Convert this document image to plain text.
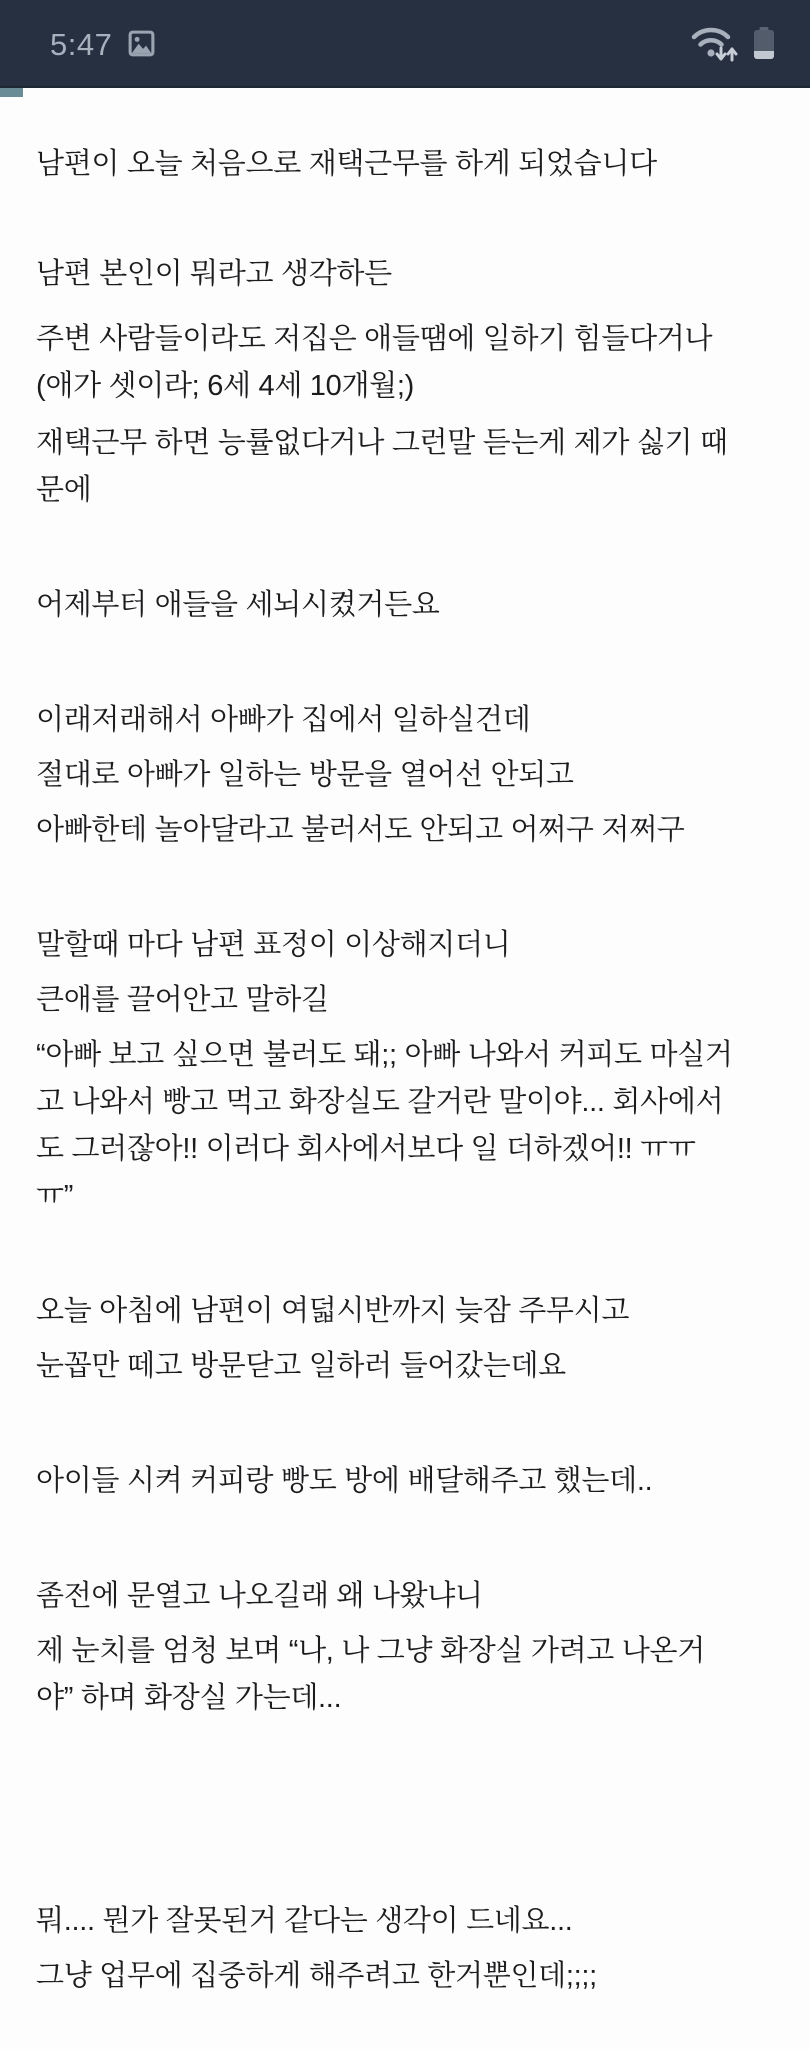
5:47

남편이 오늘 처음으로 재택근무를 하게 되었습니다

남편 본인이 뭐라고 생각하든

주변 사람들이라도 저집은 애들땜에 일하기 힘들다거나

(애가 셋이라; 6세 4세 10개월;)

재택근무 하면 능률없다거나 그런말 듣는게 제가 싫기 때

문에

어제부터 애들을 세뇌시켰거든요

이래저래해서 아빠가 집에서 일하실건데

절대로 아빠가 일하는 방문을 열어선 안되고

아빠한테 놀아달라고 불러서도 안되고 어쩌구 저쩌구

말할때 마다 남편 표정이 이상해지더니

큰애를 끌어안고 말하길

“아빠 보고 싶으면 불러도 돼;; 아빠 나와서 커피도 마실거

고 나와서 빵고 먹고 화장실도 갈거란 말이야... 회사에서

도 그러잖아!! 이러다 회사에서보다 일 더하겠어!! ㅠㅠ

ㅠ”

오늘 아침에 남편이 여덟시반까지 늦잠 주무시고

눈꼽만 떼고 방문닫고 일하러 들어갔는데요

아이들 시켜 커피랑 빵도 방에 배달해주고 했는데..

좀전에 문열고 나오길래 왜 나왔냐니

제 눈치를 엄청 보며 “나, 나 그냥 화장실 가려고 나온거

야” 하며 화장실 가는데...

뭐.... 뭔가 잘못된거 같다는 생각이 드네요...

그냥 업무에 집중하게 해주려고 한거뿐인데;;;;
